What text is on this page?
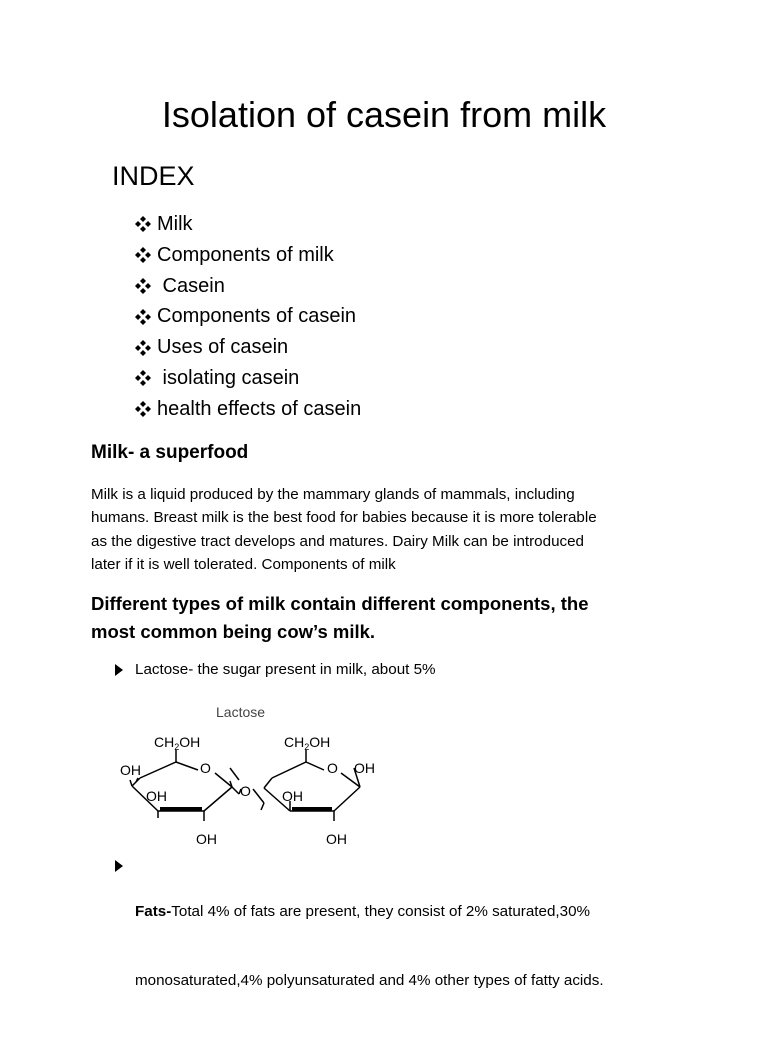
Isolation of casein from milk
INDEX
Milk
Components of milk
Casein
Components of casein
Uses of casein
isolating casein
health effects of casein
Milk- a superfood
Milk is a liquid produced by the mammary glands of mammals, including
humans. Breast milk is the best food for babies because it is more tolerable
as the digestive tract develops and matures. Dairy Milk can be introduced
later if it is well tolerated. Components of milk
Different types of milk contain different components, the
most common being cow’s milk.
Lactose- the sugar present in milk, about 5%
Lactose
$CH_2OH$
O
OH
OH
OH
O
$CH_2OH$
O OH
OH
OH

Fats-Total 4% of fats are present, they consist of 2% saturated,30%

monosaturated,4% polyunsaturated and 4% other types of fatty acids.
